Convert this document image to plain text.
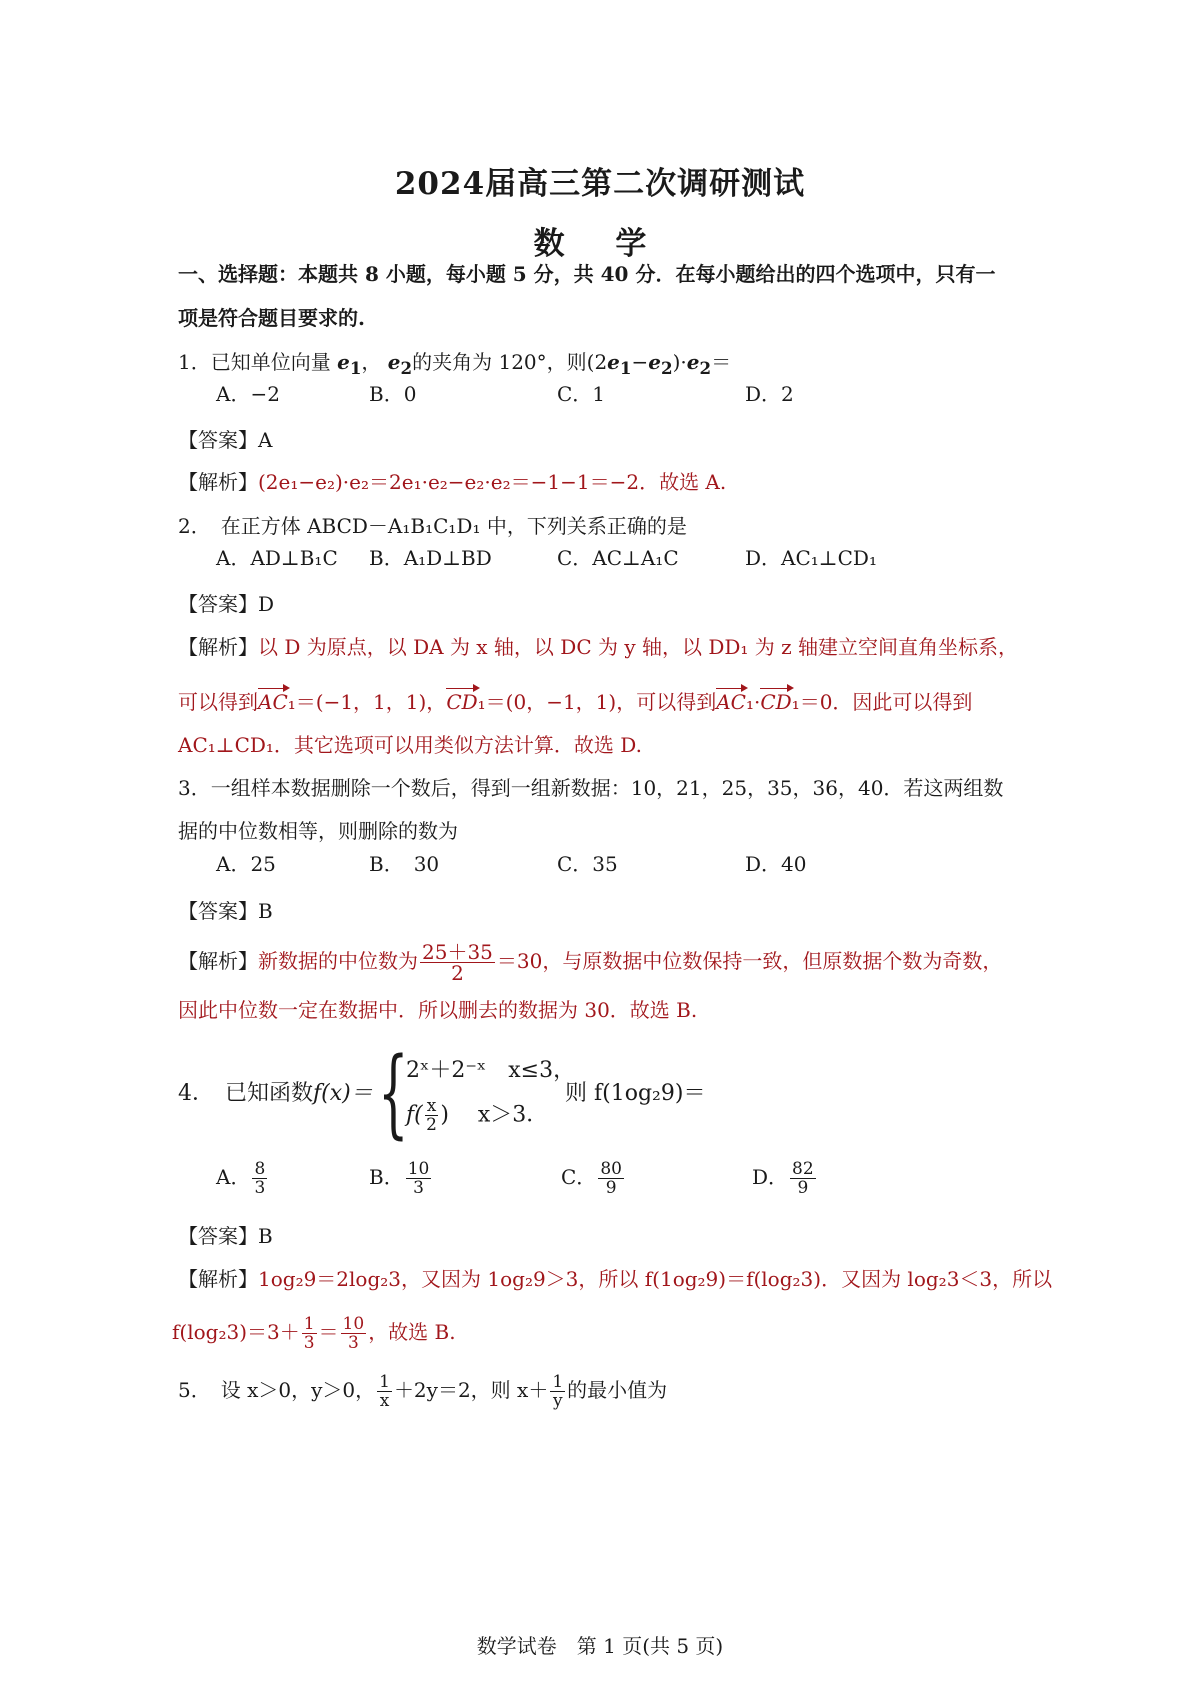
2024届高三第二次调研测试
数 学
一、选择题：本题共 8 小题，每小题 5 分，共 40 分．在每小题给出的四个选项中，只有一
项是符合题目要求的.
1．已知单位向量 $e_1$， $e_2$的夹角为 120°，则$(2e_1-e_2)\cdot e_2=$
A．−2	B．0	C．1	D．2
【答案】A
【解析】(2e₁−e₂)·e₂＝2e₁·e₂−e₂·e₂＝−1−1＝−2．故选 A.
2．　在正方体 ABCD－A₁B₁C₁D₁ 中，下列关系正确的是
A．AD⊥B₁C B．A₁D⊥BD	C．AC⊥A₁C	D．AC₁⊥CD₁
【答案】D
【解析】以 D 为原点，以 DA 为 x 轴，以 DC 为 y 轴，以 DD₁ 为 z 轴建立空间直角坐标系，
可以得到AC₁＝(−1，1，1)，CD₁＝(0，−1，1)，可以得到AC₁·CD₁＝0．因此可以得到
AC₁⊥CD₁．其它选项可以用类似方法计算．故选 D.
3．一组样本数据删除一个数后，得到一组新数据：10，21，25，35，36，40．若这两组数
据的中位数相等，则删除的数为
A．25	B．　30	C．35	D．40
【答案】B
【解析】新数据的中位数为 $\frac{25+35}{2} =30$，与原数据中位数保持一致，但原数据个数为奇数，
因此中位数一定在数据中．所以删去的数据为 30．故选 B.
4．　已知函数f(x)＝ {
2ˣ＋2⁻ˣ　x≤3，
$f( \frac{x}{2}$ )　 x＞3．
则 f(1og₂9)＝
A． $\frac{8}{3}$	B． $\frac{10}{3}$	C． $\frac{80}{9}$	D． $\frac{82}{9}$
【答案】B
【解析】1og₂9＝2log₂3，又因为 1og₂9＞3，所以 f(1og₂9)＝f(log₂3)．又因为 log₂3＜3，所以
$f(\log_23)=3+ \frac{1}{3} = \frac{10}{3}$ ，故选 B.
5．　设 x＞0，y＞0， $\frac{1}{x} +2y=2$，则 $x+ \frac{1}{y}$ 的最小值为
数学试卷　第 1 页(共 5 页)
